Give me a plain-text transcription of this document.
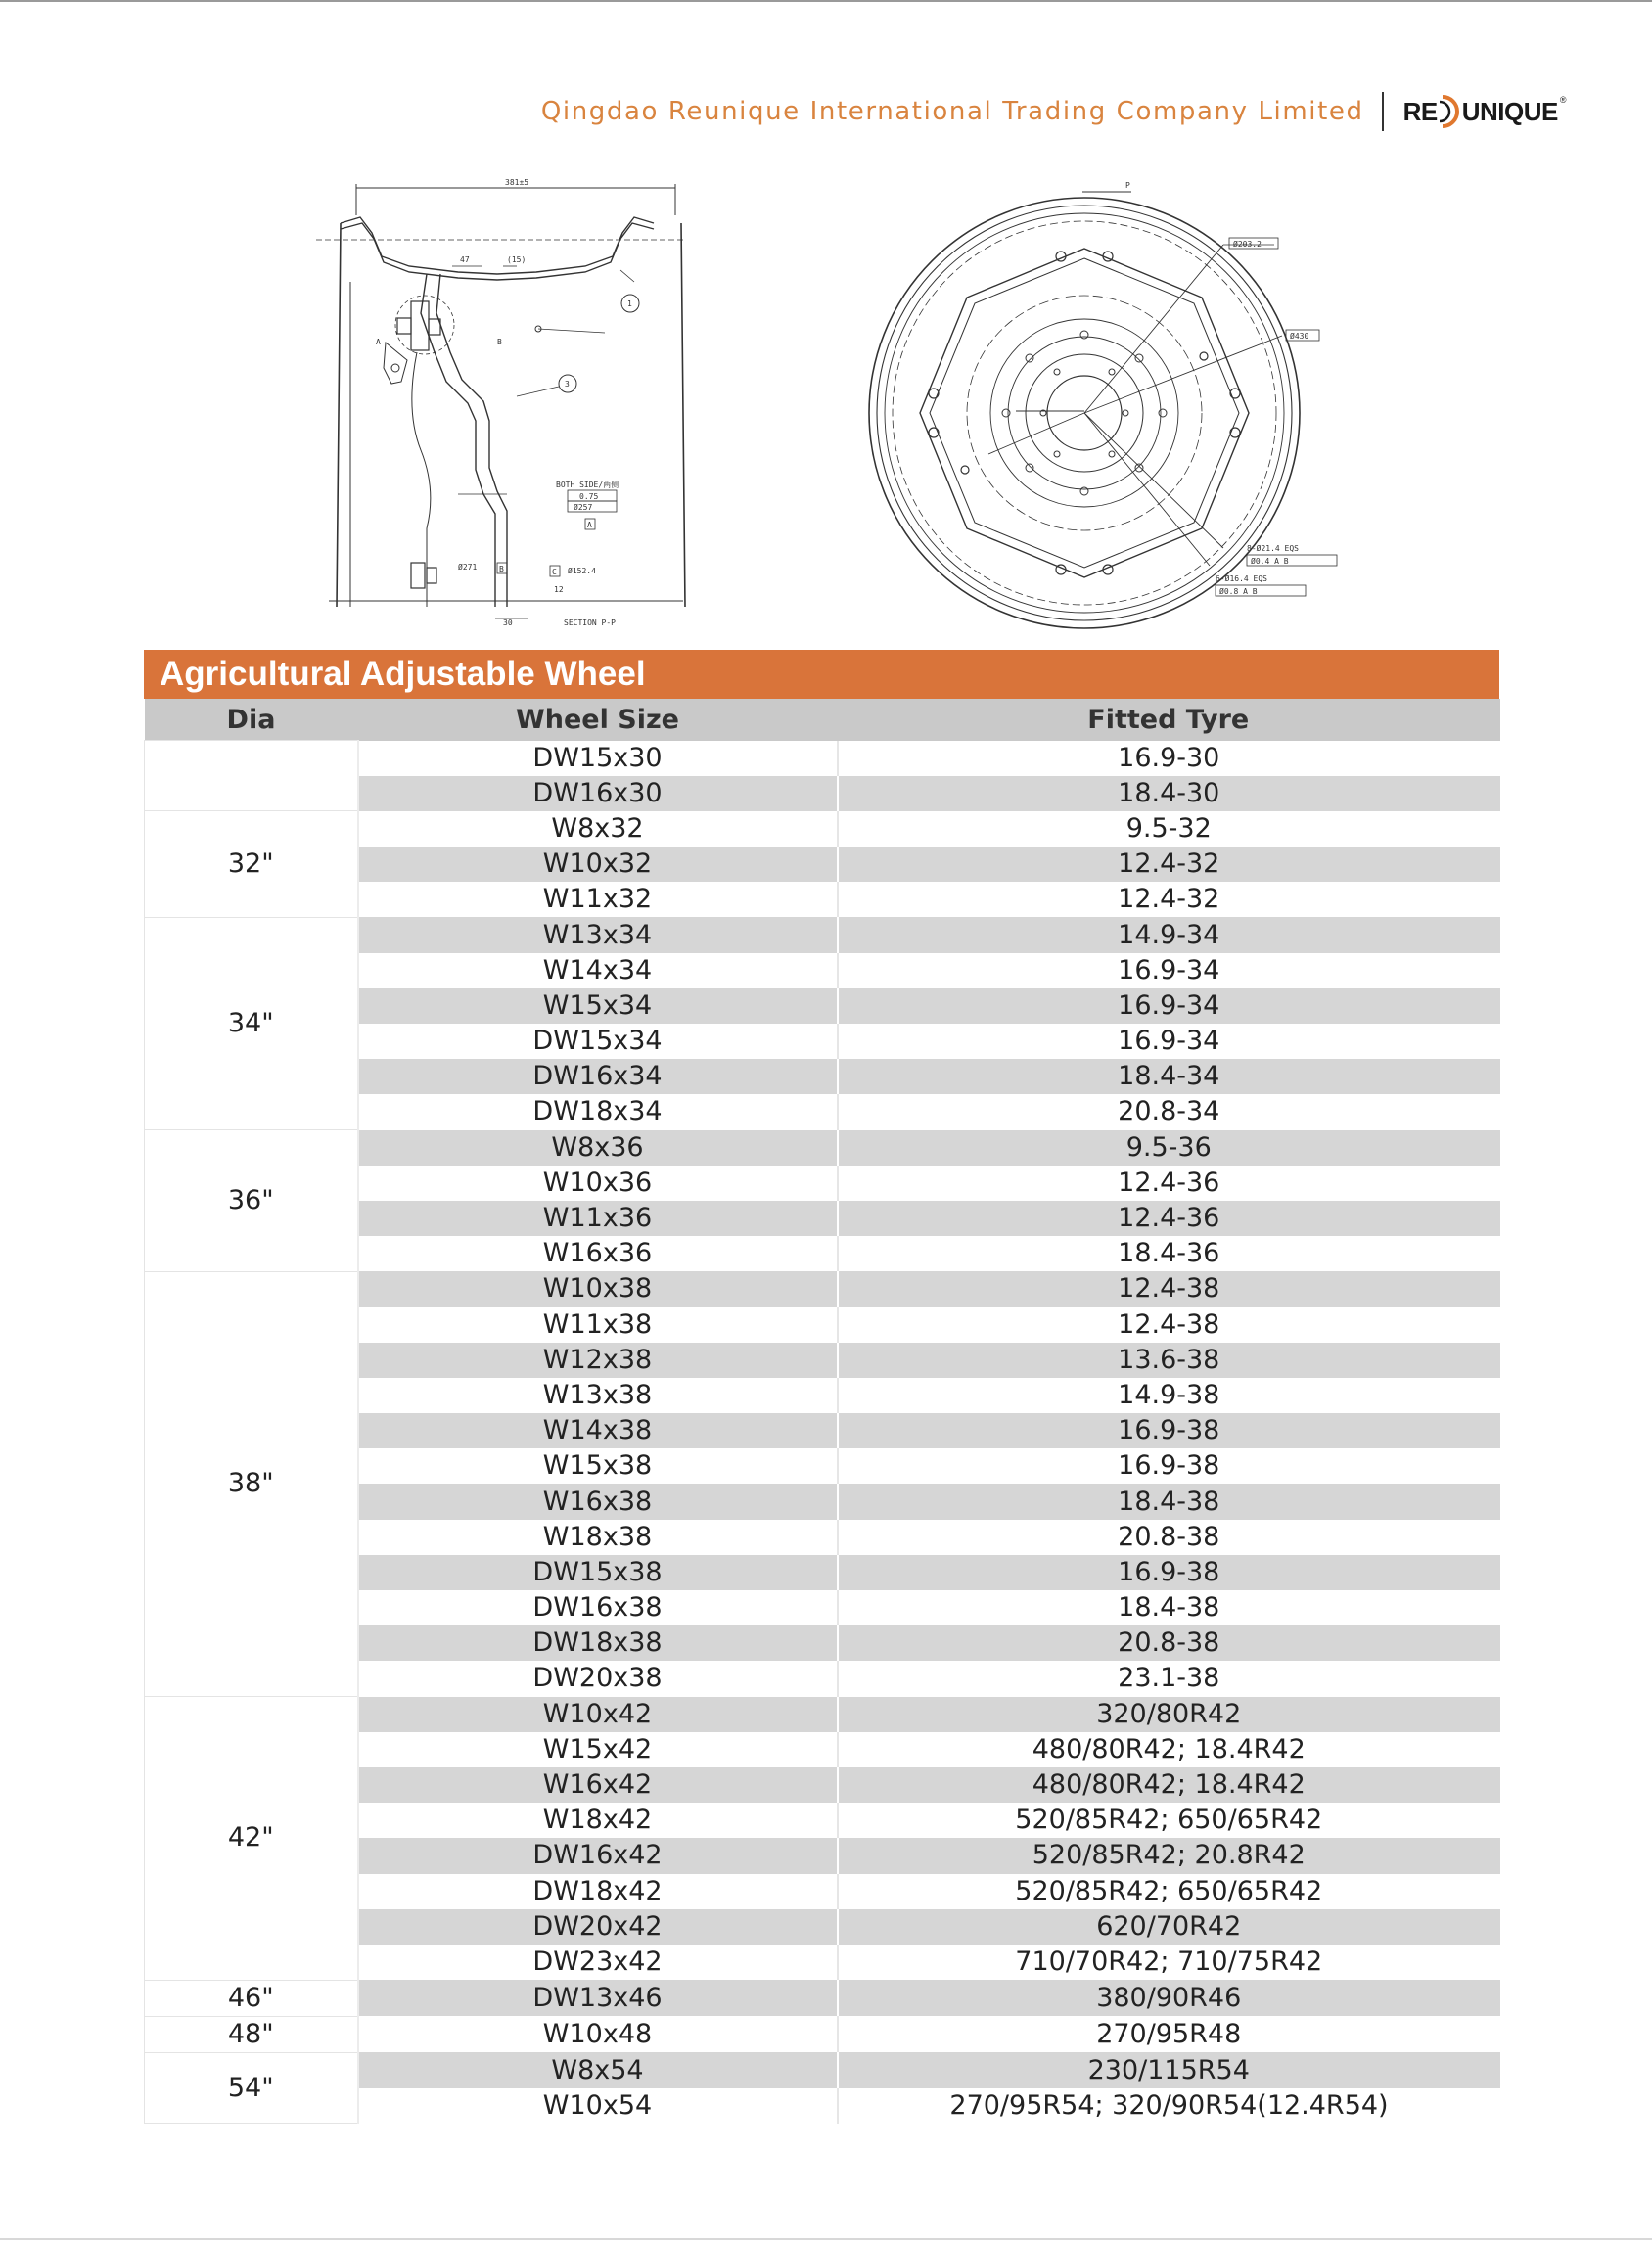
Qingdao Reunique International Trading Company Limited RE UNIQUE®
381±5
47	(15)
1
3
A	B
BOTH SIDE/两侧
0.75
Ø257
A
Ø271	B	C Ø152.4
12
30	SECTION P-P
P
Ø203.2
Ø430
8-Ø21.4 EQS
Ø0.4 A B
6-Ø16.4 EQS
Ø0.8 A B
Agricultural Adjustable Wheel
Dia	Wheel Size	Fitted Tyre
	DW15x30	16.9-30
	DW16x30	18.4-30
32"	W8x32	9.5-32
	W10x32	12.4-32
	W11x32	12.4-32
34"	W13x34	14.9-34
	W14x34	16.9-34
	W15x34	16.9-34
	DW15x34	16.9-34
	DW16x34	18.4-34
	DW18x34	20.8-34
36"	W8x36	9.5-36
	W10x36	12.4-36
	W11x36	12.4-36
	W16x36	18.4-36
38"	W10x38	12.4-38
	W11x38	12.4-38
	W12x38	13.6-38
	W13x38	14.9-38
	W14x38	16.9-38
	W15x38	16.9-38
	W16x38	18.4-38
	W18x38	20.8-38
	DW15x38	16.9-38
	DW16x38	18.4-38
	DW18x38	20.8-38
	DW20x38	23.1-38
42"	W10x42	320/80R42
	W15x42	480/80R42; 18.4R42
	W16x42	480/80R42; 18.4R42
	W18x42	520/85R42; 650/65R42
	DW16x42	520/85R42; 20.8R42
	DW18x42	520/85R42; 650/65R42
	DW20x42	620/70R42
	DW23x42	710/70R42; 710/75R42
46"	DW13x46	380/90R46
48"	W10x48	270/95R48
54"	W8x54	230/115R54
	W10x54	270/95R54; 320/90R54(12.4R54)
